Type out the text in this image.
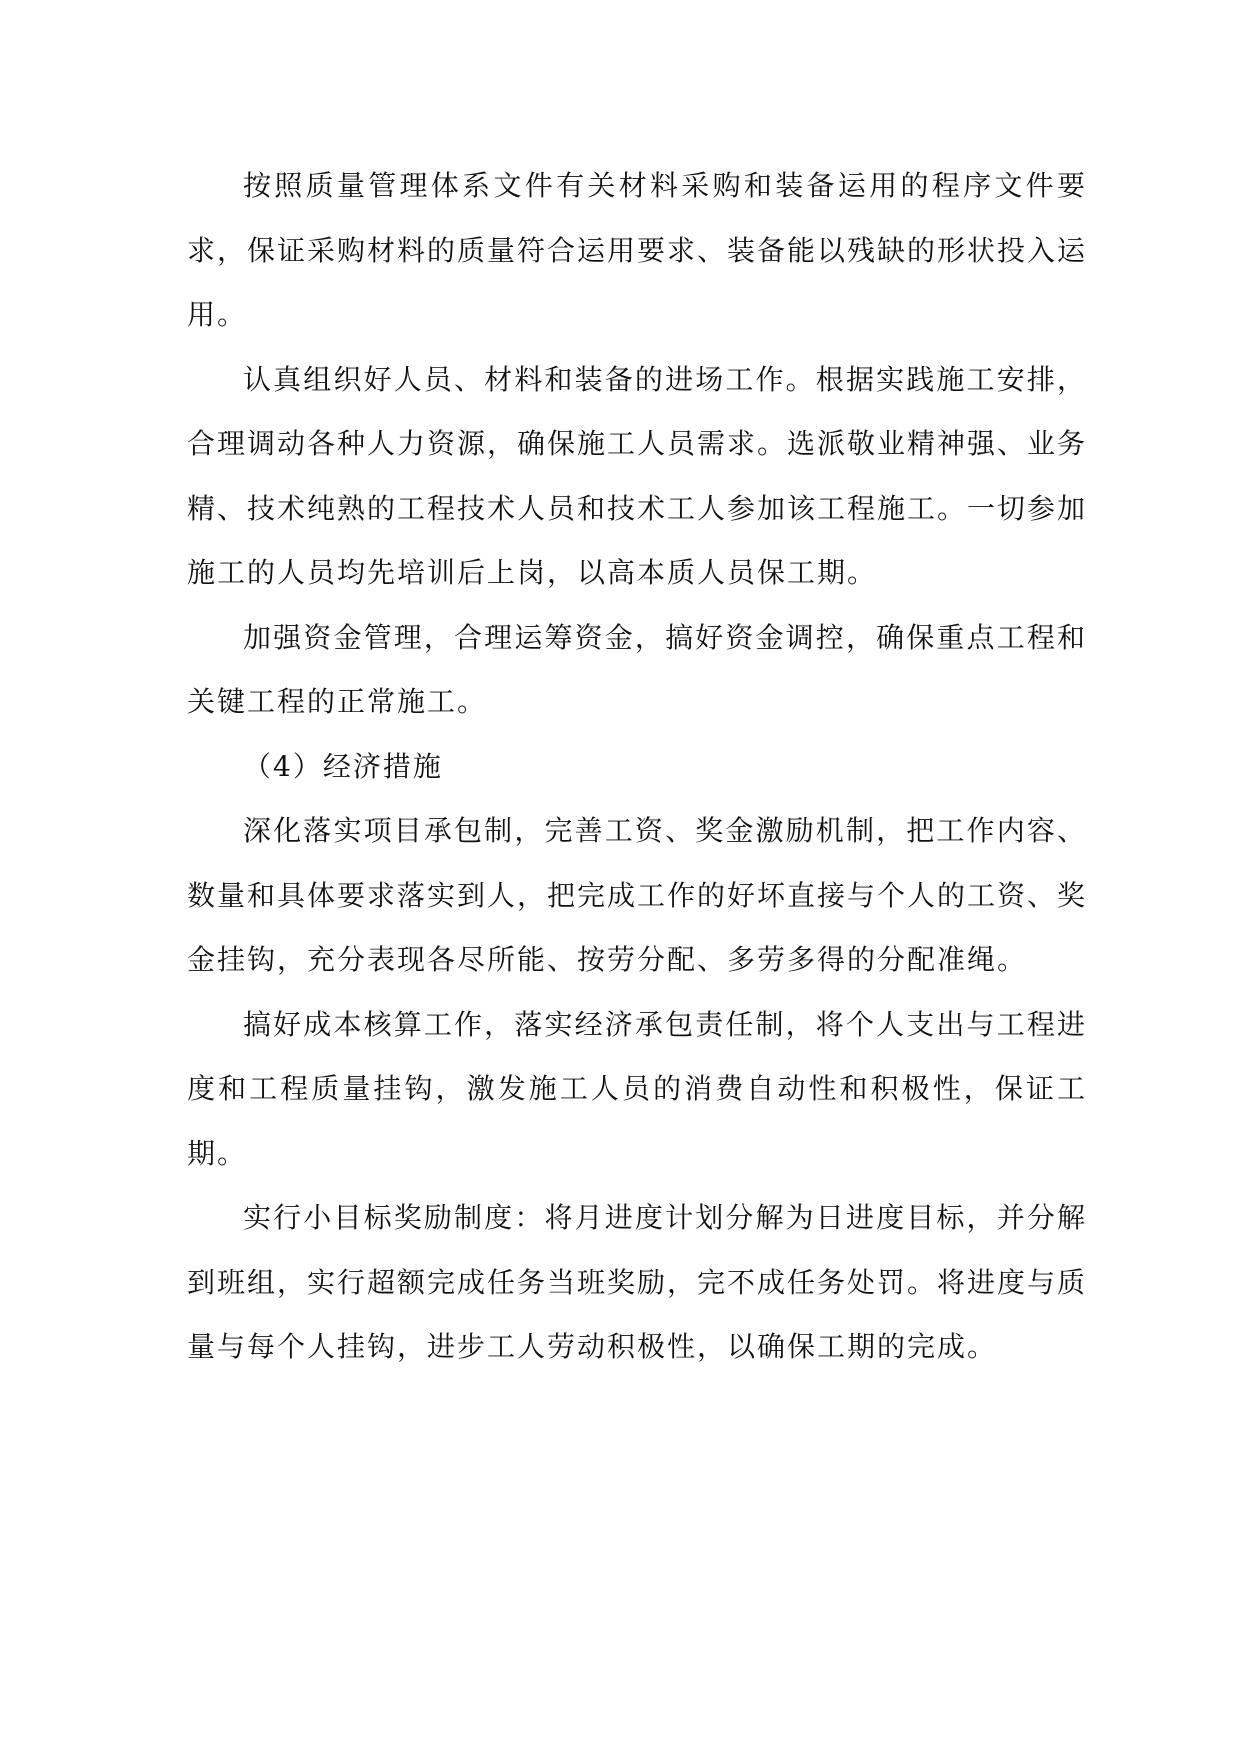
按照质量管理体系文件有关材料采购和装备运用的程序文件要求，保证采购材料的质量符合运用要求、装备能以残缺的形状投入运用。

认真组织好人员、材料和装备的进场工作。根据实践施工安排，合理调动各种人力资源，确保施工人员需求。选派敬业精神强、业务精、技术纯熟的工程技术人员和技术工人参加该工程施工。一切参加施工的人员均先培训后上岗，以高本质人员保工期。

加强资金管理，合理运筹资金，搞好资金调控，确保重点工程和关键工程的正常施工。

（4）经济措施

深化落实项目承包制，完善工资、奖金激励机制，把工作内容、数量和具体要求落实到人，把完成工作的好坏直接与个人的工资、奖金挂钩，充分表现各尽所能、按劳分配、多劳多得的分配准绳。

搞好成本核算工作，落实经济承包责任制，将个人支出与工程进度和工程质量挂钩，激发施工人员的消费自动性和积极性，保证工期。

实行小目标奖励制度：将月进度计划分解为日进度目标，并分解到班组，实行超额完成任务当班奖励，完不成任务处罚。将进度与质量与每个人挂钩，进步工人劳动积极性，以确保工期的完成。
